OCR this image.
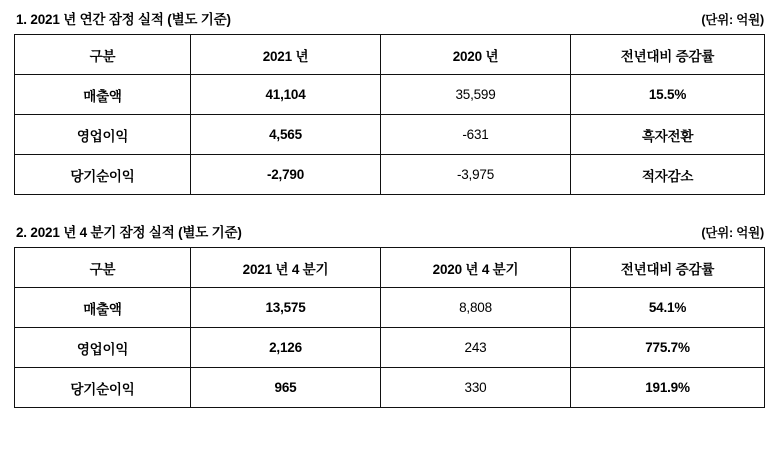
1. 2021 년 연간 잠정 실적 (별도 기준)	(단위: 억원)
구분	2021 년	2020 년	전년대비 증감률
매출액	41,104	35,599	15.5%
영업이익	4,565	-631	흑자전환
당기순이익	-2,790	-3,975	적자감소
2. 2021 년 4 분기 잠정 실적 (별도 기준)	(단위: 억원)
구분	2021 년 4 분기	2020 년 4 분기	전년대비 증감률
매출액	13,575	8,808	54.1%
영업이익	2,126	243	775.7%
당기순이익	965	330	191.9%
